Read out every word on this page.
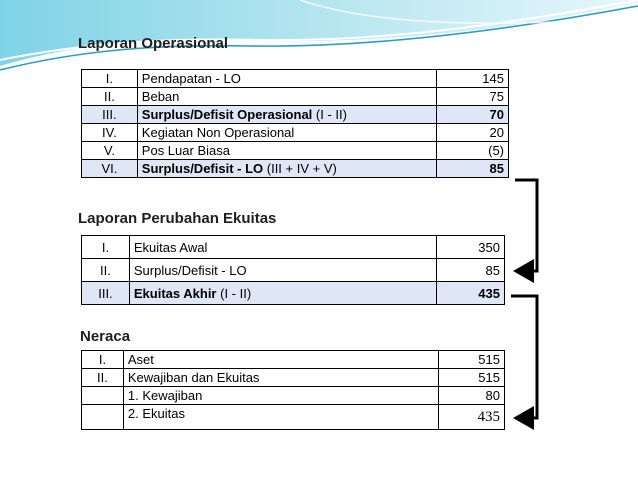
Laporan Operasional
I.	Pendapatan - LO	145
II.	Beban	75
III.	Surplus/Defisit Operasional (I - II)	70
IV.	Kegiatan Non Operasional	20
V.	Pos Luar Biasa	(5)
VI.	Surplus/Defisit - LO (III + IV + V)	85
Laporan Perubahan Ekuitas
I.	Ekuitas Awal	350
II.	Surplus/Defisit - LO	85
III.	Ekuitas Akhir (I - II)	435
Neraca
I.	Aset	515
II.	Kewajiban dan Ekuitas	515
	1. Kewajiban	80
	2. Ekuitas	435
